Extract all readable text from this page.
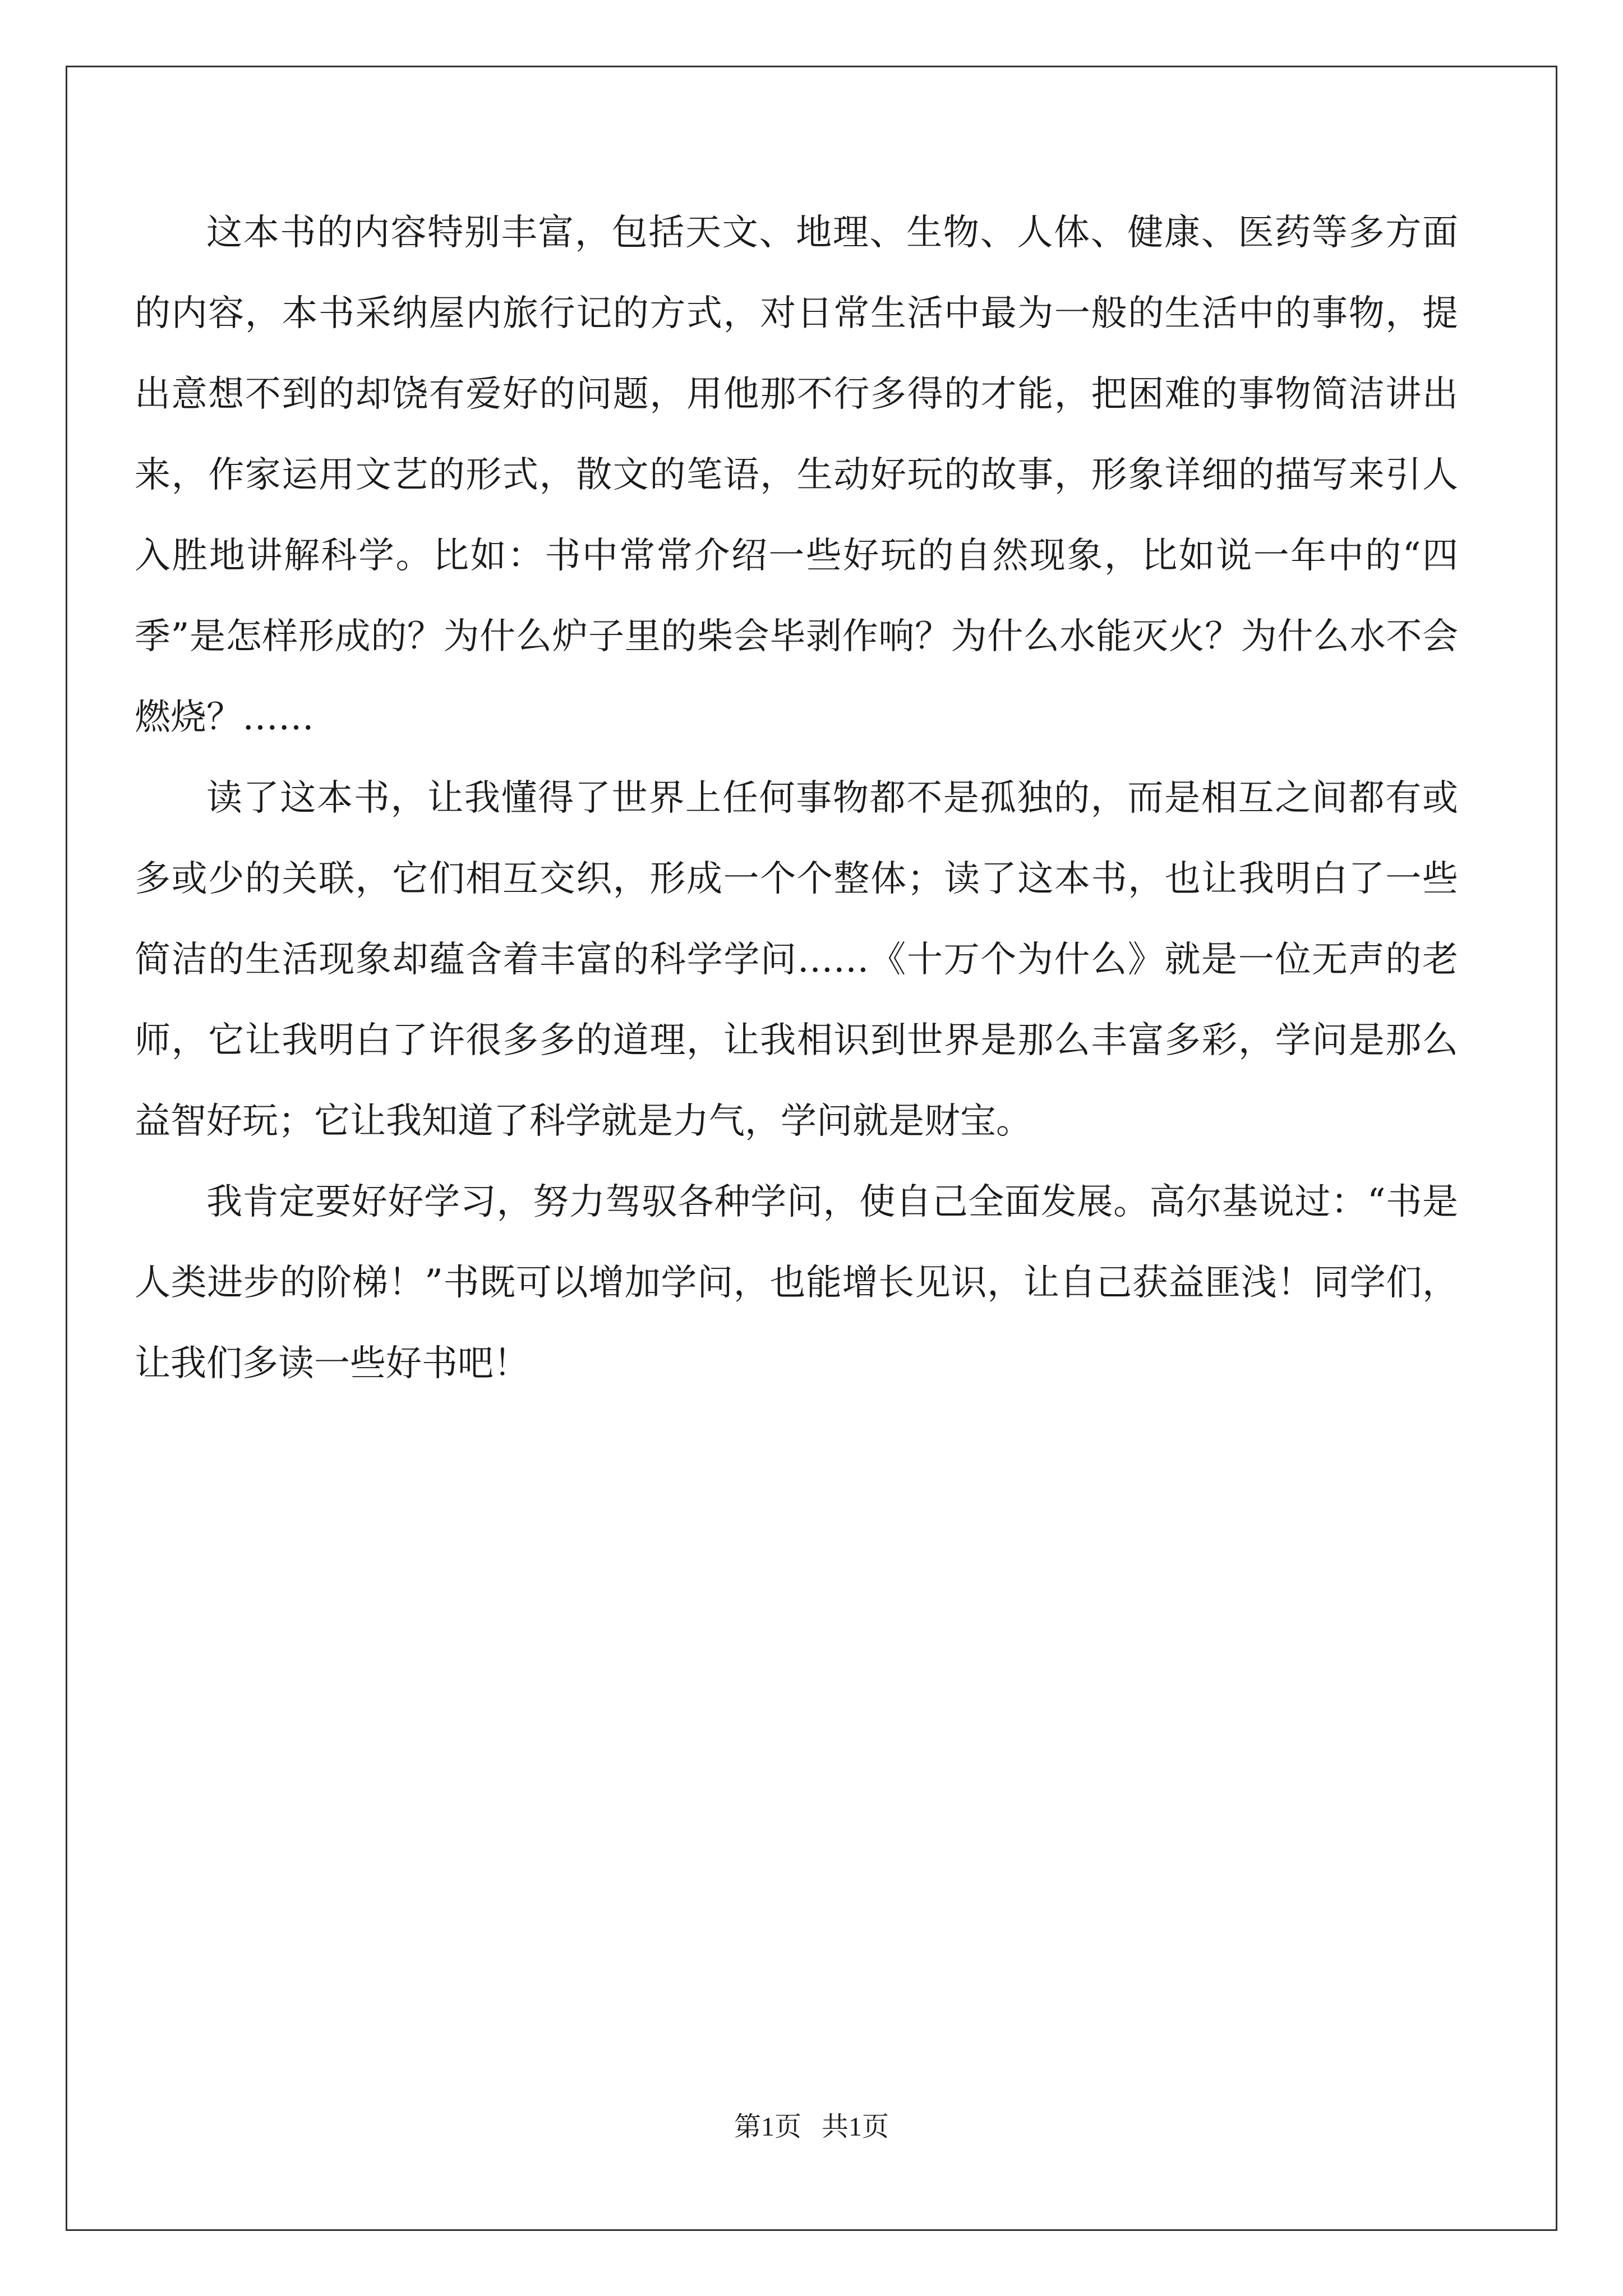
这本书的内容特别丰富，包括天文、地理、生物、人体、健康、医药等多方面的内容，本书采纳屋内旅行记的方式，对日常生活中最为一般的生活中的事物，提出意想不到的却饶有爱好的问题，用他那不行多得的才能，把困难的事物简洁讲出来，作家运用文艺的形式，散文的笔语，生动好玩的故事，形象详细的描写来引人入胜地讲解科学。比如：书中常常介绍一些好玩的自然现象，比如说一年中的“四季”是怎样形成的？为什么炉子里的柴会毕剥作响？为什么水能灭火？为什么水不会燃烧？……

读了这本书，让我懂得了世界上任何事物都不是孤独的，而是相互之间都有或多或少的关联，它们相互交织，形成一个个整体；读了这本书，也让我明白了一些简洁的生活现象却蕴含着丰富的科学学问……《十万个为什么》就是一位无声的老师，它让我明白了许很多多的道理，让我相识到世界是那么丰富多彩，学问是那么益智好玩；它让我知道了科学就是力气，学问就是财宝。

我肯定要好好学习，努力驾驭各种学问，使自己全面发展。高尔基说过：“书是人类进步的阶梯！”书既可以增加学问，也能增长见识，让自己获益匪浅！同学们，让我们多读一些好书吧！

第1页 共1页
